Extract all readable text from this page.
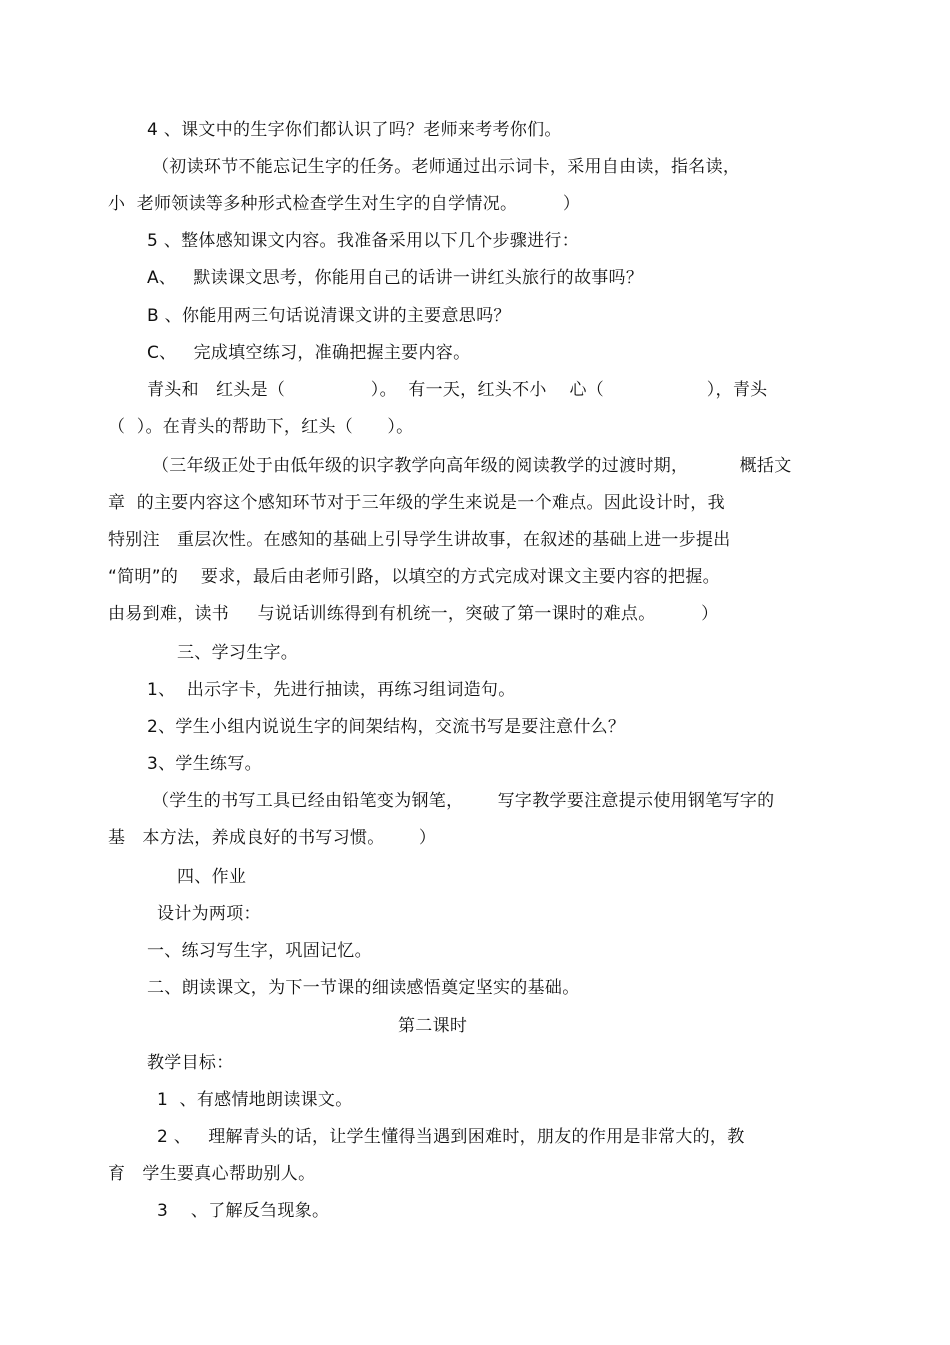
4 、课文中的生字你们都认识了吗？老师来考考你们。
（初读环节不能忘记生字的任务。老师通过出示词卡，采用自由读，指名读，
小  老师领读等多种形式检查学生对生字的自学情况。        ）
5 、整体感知课文内容。我准备采用以下几个步骤进行：
A、   默读课文思考，你能用自己的话讲一讲红头旅行的故事吗？
B 、你能用两三句话说清课文讲的主要意思吗？
C、   完成填空练习，准确把握主要内容。
青头和   红头是（               ）。  有一天，红头不小    心（                  ），青头
（  ）。在青头的帮助下，红头（      ）。
（三年级正处于由低年级的识字教学向高年级的阅读教学的过渡时期，         概括文
章  的主要内容这个感知环节对于三年级的学生来说是一个难点。因此设计时，我
特别注   重层次性。在感知的基础上引导学生讲故事，在叙述的基础上进一步提出
“简明”的    要求，最后由老师引路，以填空的方式完成对课文主要内容的把握。
由易到难，读书     与说话训练得到有机统一，突破了第一课时的难点。        ）
三、学习生字。
1、  出示字卡，先进行抽读，再练习组词造句。
2、学生小组内说说生字的间架结构，交流书写是要注意什么？
3、学生练写。
（学生的书写工具已经由铅笔变为钢笔，      写字教学要注意提示使用钢笔写字的
基   本方法，养成良好的书写习惯。      ）
四、作业
设计为两项：
一、练习写生字，巩固记忆。
二、朗读课文，为下一节课的细读感悟奠定坚实的基础。
第二课时
教学目标：
1  、有感情地朗读课文。
2 、   理解青头的话，让学生懂得当遇到困难时，朋友的作用是非常大的，教
育   学生要真心帮助别人。
3    、了解反刍现象。
